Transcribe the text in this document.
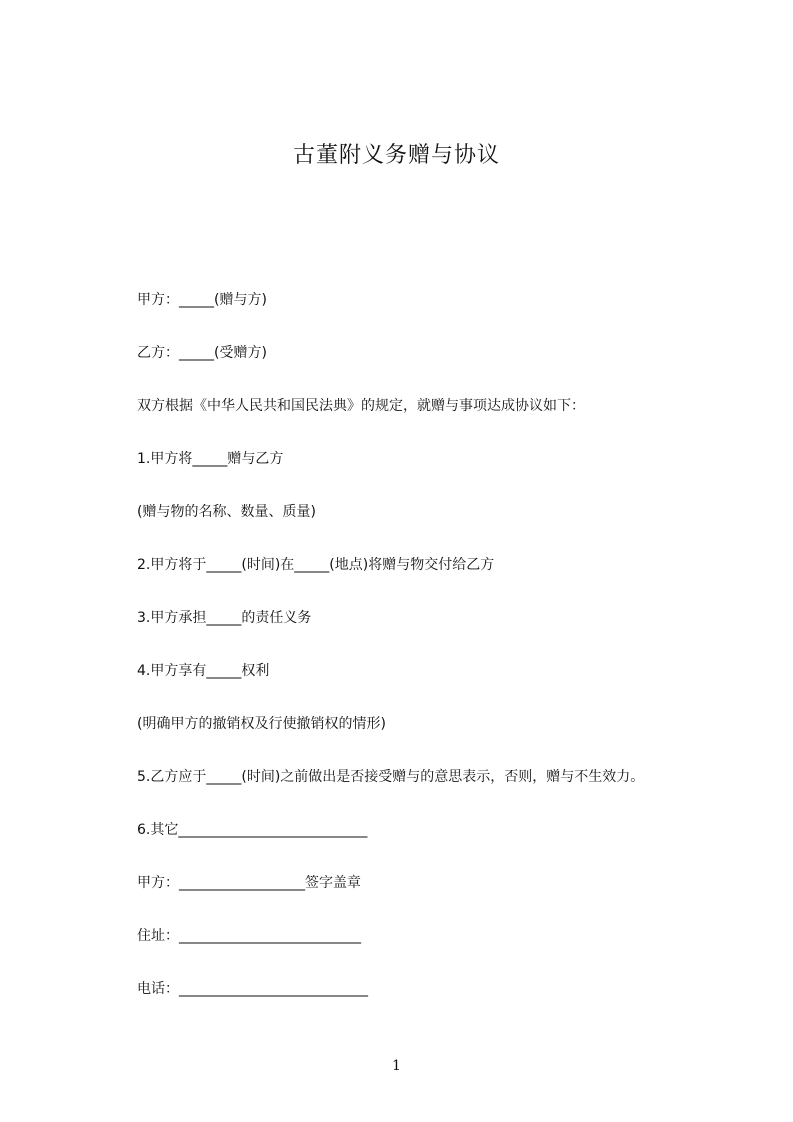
古董附义务赠与协议

甲方：_____(赠与方)

乙方：_____(受赠方)

双方根据《中华人民共和国民法典》的规定，就赠与事项达成协议如下：

1.甲方将_____赠与乙方

(赠与物的名称、数量、质量)

2.甲方将于_____(时间)在_____(地点)将赠与物交付给乙方

3.甲方承担_____的责任义务

4.甲方享有_____权利

(明确甲方的撤销权及行使撤销权的情形)

5.乙方应于_____(时间)之前做出是否接受赠与的意思表示，否则，赠与不生效力。

6.其它___________________________

甲方：__________________签字盖章

住址：__________________________

电话：___________________________

1
